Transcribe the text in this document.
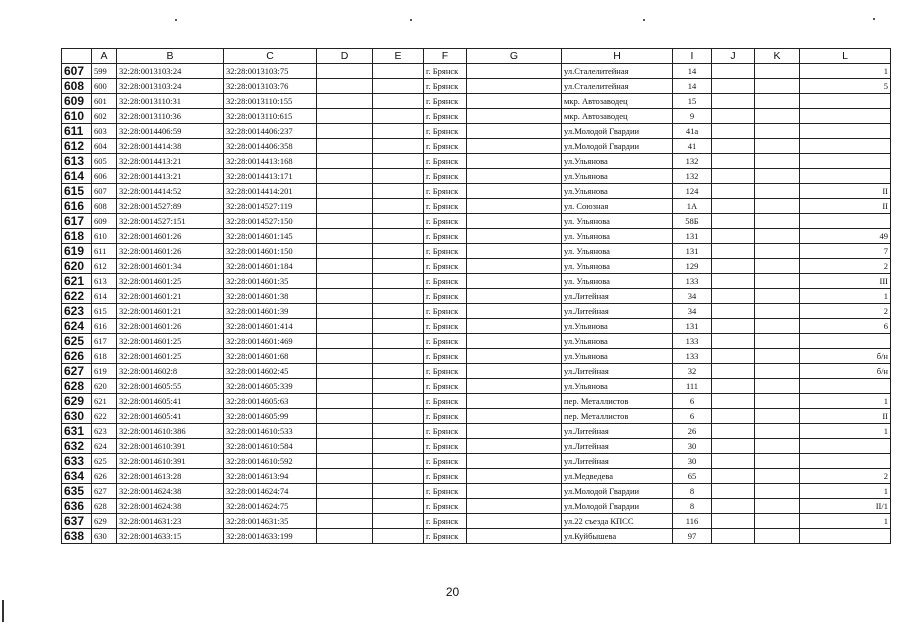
	A	B	C	D	E	F	G	H	I	J	K	L
607	599	32:28:0013103:24	32:28:0013103:75			г. Брянск		ул.Сталелитейная	14			1
608	600	32:28:0013103:24	32:28:0013103:76			г. Брянск		ул.Сталелитейная	14			5
609	601	32:28:0013110:31	32:28:0013110:155			г. Брянск		мкр. Автозаводец	15			
610	602	32:28:0013110:36	32:28:0013110:615			г. Брянск		мкр. Автозаводец	9			
611	603	32:28:0014406:59	32:28:0014406:237			г. Брянск		ул.Молодой Гвардии	41а			
612	604	32:28:0014414:38	32:28:0014406:358			г. Брянск		ул.Молодой Гвардии	41			
613	605	32:28:0014413:21	32:28:0014413:168			г. Брянск		ул.Ульянова	132			
614	606	32:28:0014413:21	32:28:0014413:171			г. Брянск		ул.Ульянова	132			
615	607	32:28:0014414:52	32:28:0014414:201			г. Брянск		ул.Ульянова	124			II
616	608	32:28:0014527:89	32:28:0014527:119			г. Брянск		ул. Союзная	1А			II
617	609	32:28:0014527:151	32:28:0014527:150			г. Брянск		ул. Ульянова	58Б			
618	610	32:28:0014601:26	32:28:0014601:145			г. Брянск		ул. Ульянова	131			49
619	611	32:28:0014601:26	32:28:0014601:150			г. Брянск		ул. Ульянова	131			7
620	612	32:28:0014601:34	32:28:0014601:184			г. Брянск		ул. Ульянова	129			2
621	613	32:28:0014601:25	32:28:0014601:35			г. Брянск		ул. Ульянова	133			III
622	614	32:28:0014601:21	32:28:0014601:38			г. Брянск		ул.Литейная	34			1
623	615	32:28:0014601:21	32:28:0014601:39			г. Брянск		ул.Литейная	34			2
624	616	32:28:0014601:26	32:28:0014601:414			г. Брянск		ул.Ульянова	131			6
625	617	32:28:0014601:25	32:28:0014601:469			г. Брянск		ул.Ульянова	133			
626	618	32:28:0014601:25	32:28:0014601:68			г. Брянск		ул.Ульянова	133			б/н
627	619	32:28:0014602:8	32:28:0014602:45			г. Брянск		ул.Литейная	32			б/н
628	620	32:28:0014605:55	32:28:0014605:339			г. Брянск		ул.Ульянова	111			
629	621	32:28:0014605:41	32:28:0014605:63			г. Брянск		пер. Металлистов	6			1
630	622	32:28:0014605:41	32:28:0014605:99			г. Брянск		пер. Металлистов	6			II
631	623	32:28:0014610:386	32:28:0014610:533			г. Брянск		ул.Литейная	26			1
632	624	32:28:0014610:391	32:28:0014610:584			г. Брянск		ул.Литейная	30			
633	625	32:28:0014610:391	32:28:0014610:592			г. Брянск		ул.Литейная	30			
634	626	32:28:0014613:28	32:28:0014613:94			г. Брянск		ул.Медведева	65			2
635	627	32:28:0014624:38	32:28:0014624:74			г. Брянск		ул.Молодой Гвардии	8			1
636	628	32:28:0014624:38	32:28:0014624:75			г. Брянск		ул.Молодой Гвардии	8			II/1
637	629	32:28:0014631:23	32:28:0014631:35			г. Брянск		ул.22 съезда КПСС	116			1
638	630	32:28:0014633:15	32:28:0014633:199			г. Брянск		ул.Куйбышева	97			
20
